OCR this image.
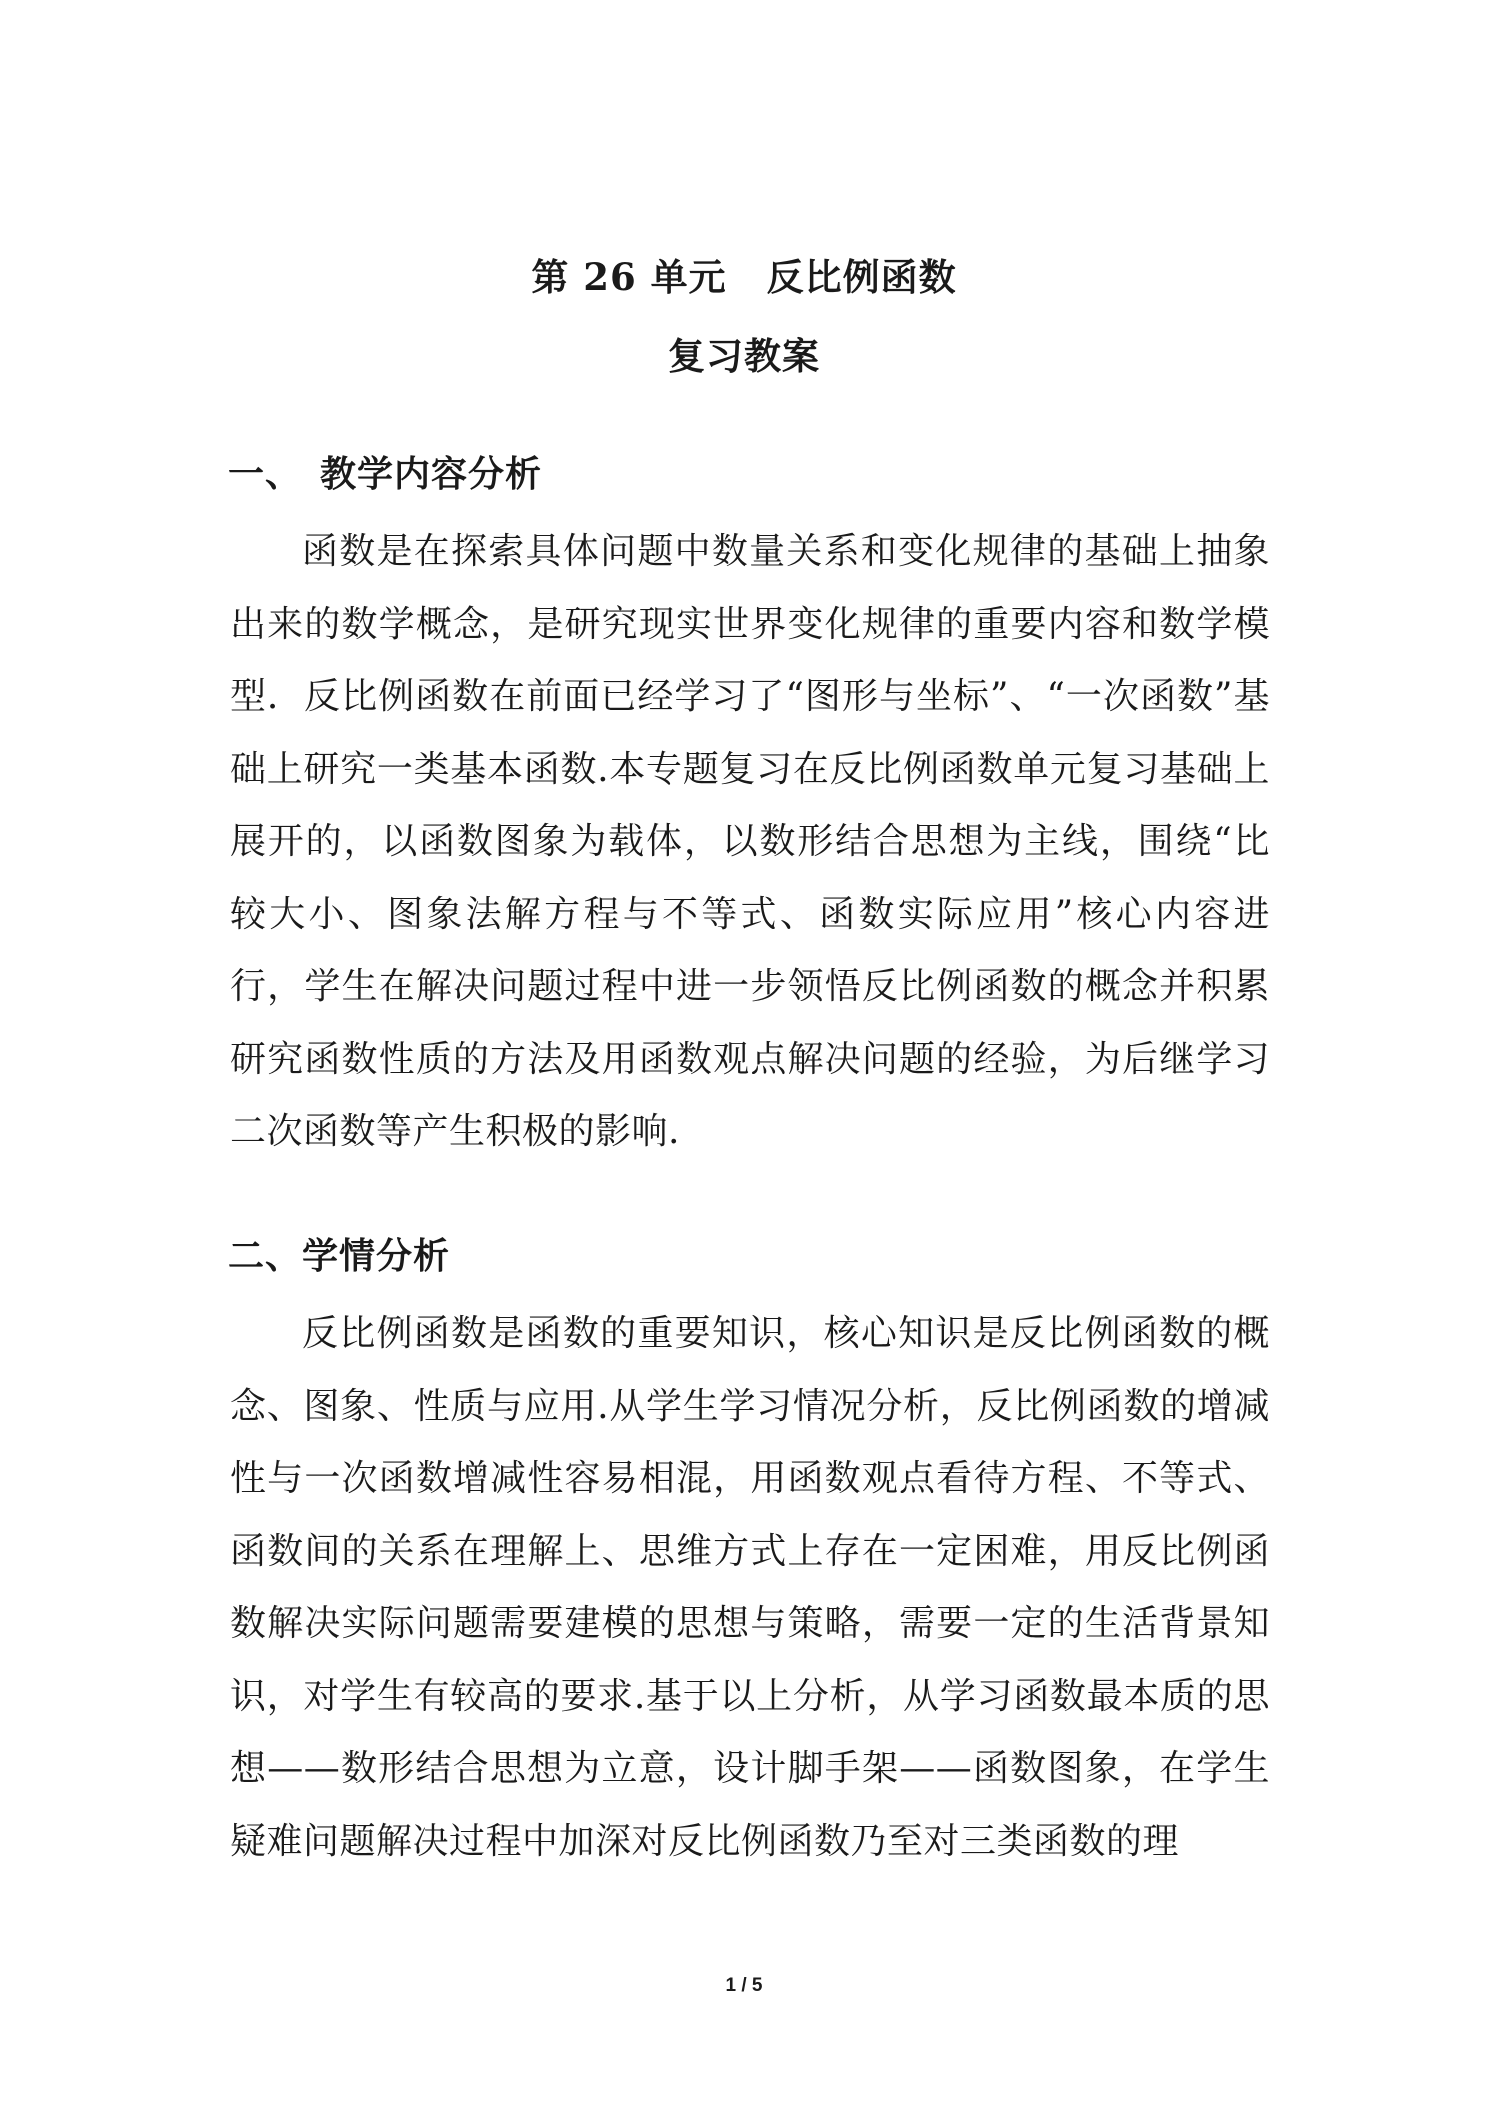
第 26 单元 反比例函数
复习教案
一、 教学内容分析
函数是在探索具体问题中数量关系和变化规律的基础上抽象出来的数学概念，是研究现实世界变化规律的重要内容和数学模型．反比例函数在前面已经学习了“图形与坐标”、“一次函数”基础上研究一类基本函数.本专题复习在反比例函数单元复习基础上展开的，以函数图象为载体，以数形结合思想为主线，围绕“比较大小、图象法解方程与不等式、函数实际应用”核心内容进行，学生在解决问题过程中进一步领悟反比例函数的概念并积累研究函数性质的方法及用函数观点解决问题的经验，为后继学习二次函数等产生积极的影响.
二、学情分析
反比例函数是函数的重要知识，核心知识是反比例函数的概念、图象、性质与应用.从学生学习情况分析，反比例函数的增减性与一次函数增减性容易相混，用函数观点看待方程、不等式、函数间的关系在理解上、思维方式上存在一定困难，用反比例函数解决实际问题需要建模的思想与策略，需要一定的生活背景知识，对学生有较高的要求.基于以上分析，从学习函数最本质的思想——数形结合思想为立意，设计脚手架——函数图象，在学生疑难问题解决过程中加深对反比例函数乃至对三类函数的理
1 / 5
